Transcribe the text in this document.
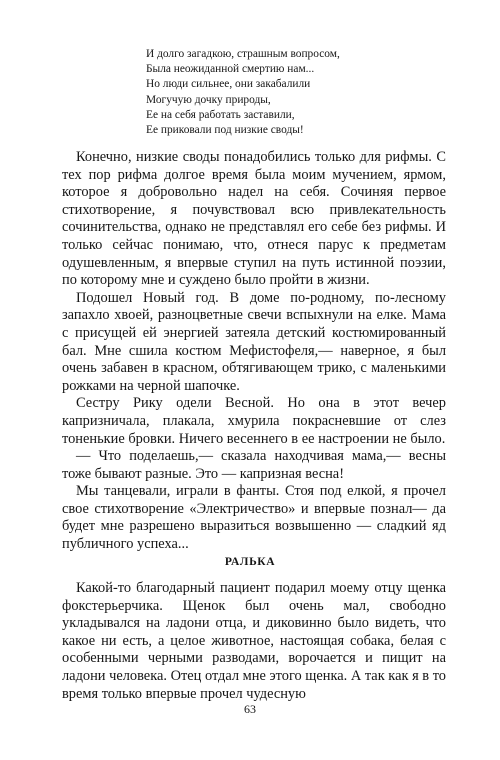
И долго загадкою, страшным вопросом,
Была неожиданной смертию нам...
Но люди сильнее, они закабалили
Могучую дочку природы,
Ее на себя работать заставили,
Ее приковали под низкие своды!

Конечно, низкие своды понадобились только для рифмы. С тех пор рифма долгое время была моим мучением, ярмом, которое я добровольно надел на себя. Сочиняя первое стихотворение, я почувствовал всю привлекательность сочинительства, однако не представлял его себе без рифмы. И только сейчас понимаю, что, отнеся парус к предметам одушевленным, я впервые ступил на путь истинной поэзии, по которому мне и суждено было пройти в жизни.

Подошел Новый год. В доме по-родному, по-лесному запахло хвоей, разноцветные свечи вспыхнули на елке. Мама с присущей ей энергией затеяла детский костюмированный бал. Мне сшила костюм Мефистофеля,— наверное, я был очень забавен в красном, обтягивающем трико, с маленькими рожками на черной шапочке.

Сестру Рику одели Весной. Но она в этот вечер капризничала, плакала, хмурила покрасневшие от слез тоненькие бровки. Ничего весеннего в ее настроении не было.

— Что поделаешь,— сказала находчивая мама,— весны тоже бывают разные. Это — капризная весна!

Мы танцевали, играли в фанты. Стоя под елкой, я прочел свое стихотворение «Электричество» и впервые познал— да будет мне разрешено выразиться возвышенно — сладкий яд публичного успеха...

РАЛЬКА

Какой-то благодарный пациент подарил моему отцу щенка фокстерьерчика. Щенок был очень мал, свободно укладывался на ладони отца, и диковинно было видеть, что какое ни есть, а целое животное, настоящая собака, белая с особенными черными разводами, ворочается и пищит на ладони человека. Отец отдал мне этого щенка. А так как я в то время только впервые прочел чудесную

63
